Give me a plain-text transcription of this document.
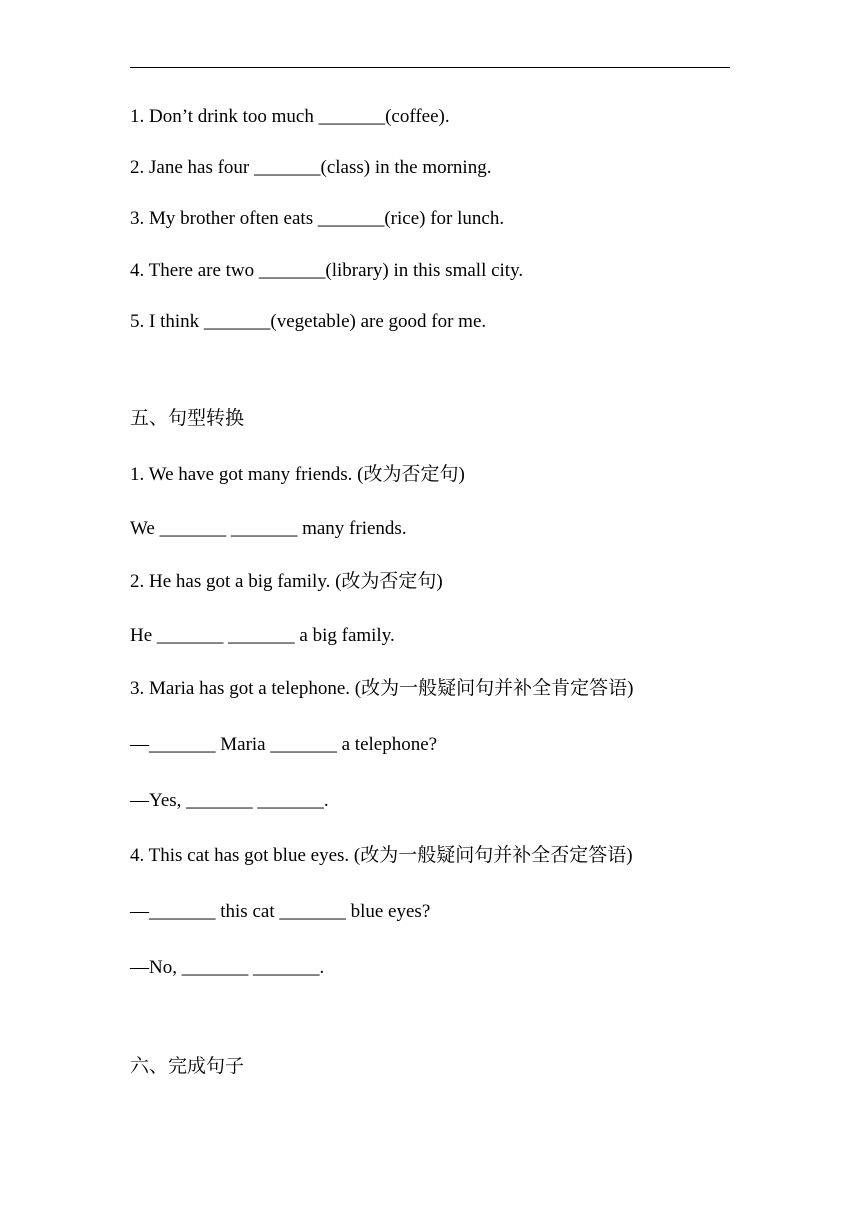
1. Don’t drink too much _______(coffee).
2. Jane has four _______(class) in the morning.
3. My brother often eats _______(rice) for lunch.
4. There are two _______(library) in this small city.
5. I think _______(vegetable) are good for me.
五、句型转换
1. We have got many friends. (改为否定句)
We _______ _______ many friends.
2. He has got a big family. (改为否定句)
He _______ _______ a big family.
3. Maria has got a telephone. (改为一般疑问句并补全肯定答语)
—_______ Maria _______ a telephone?
—Yes, _______ _______.
4. This cat has got blue eyes. (改为一般疑问句并补全否定答语)
—_______ this cat _______ blue eyes?
—No, _______ _______.
六、完成句子
